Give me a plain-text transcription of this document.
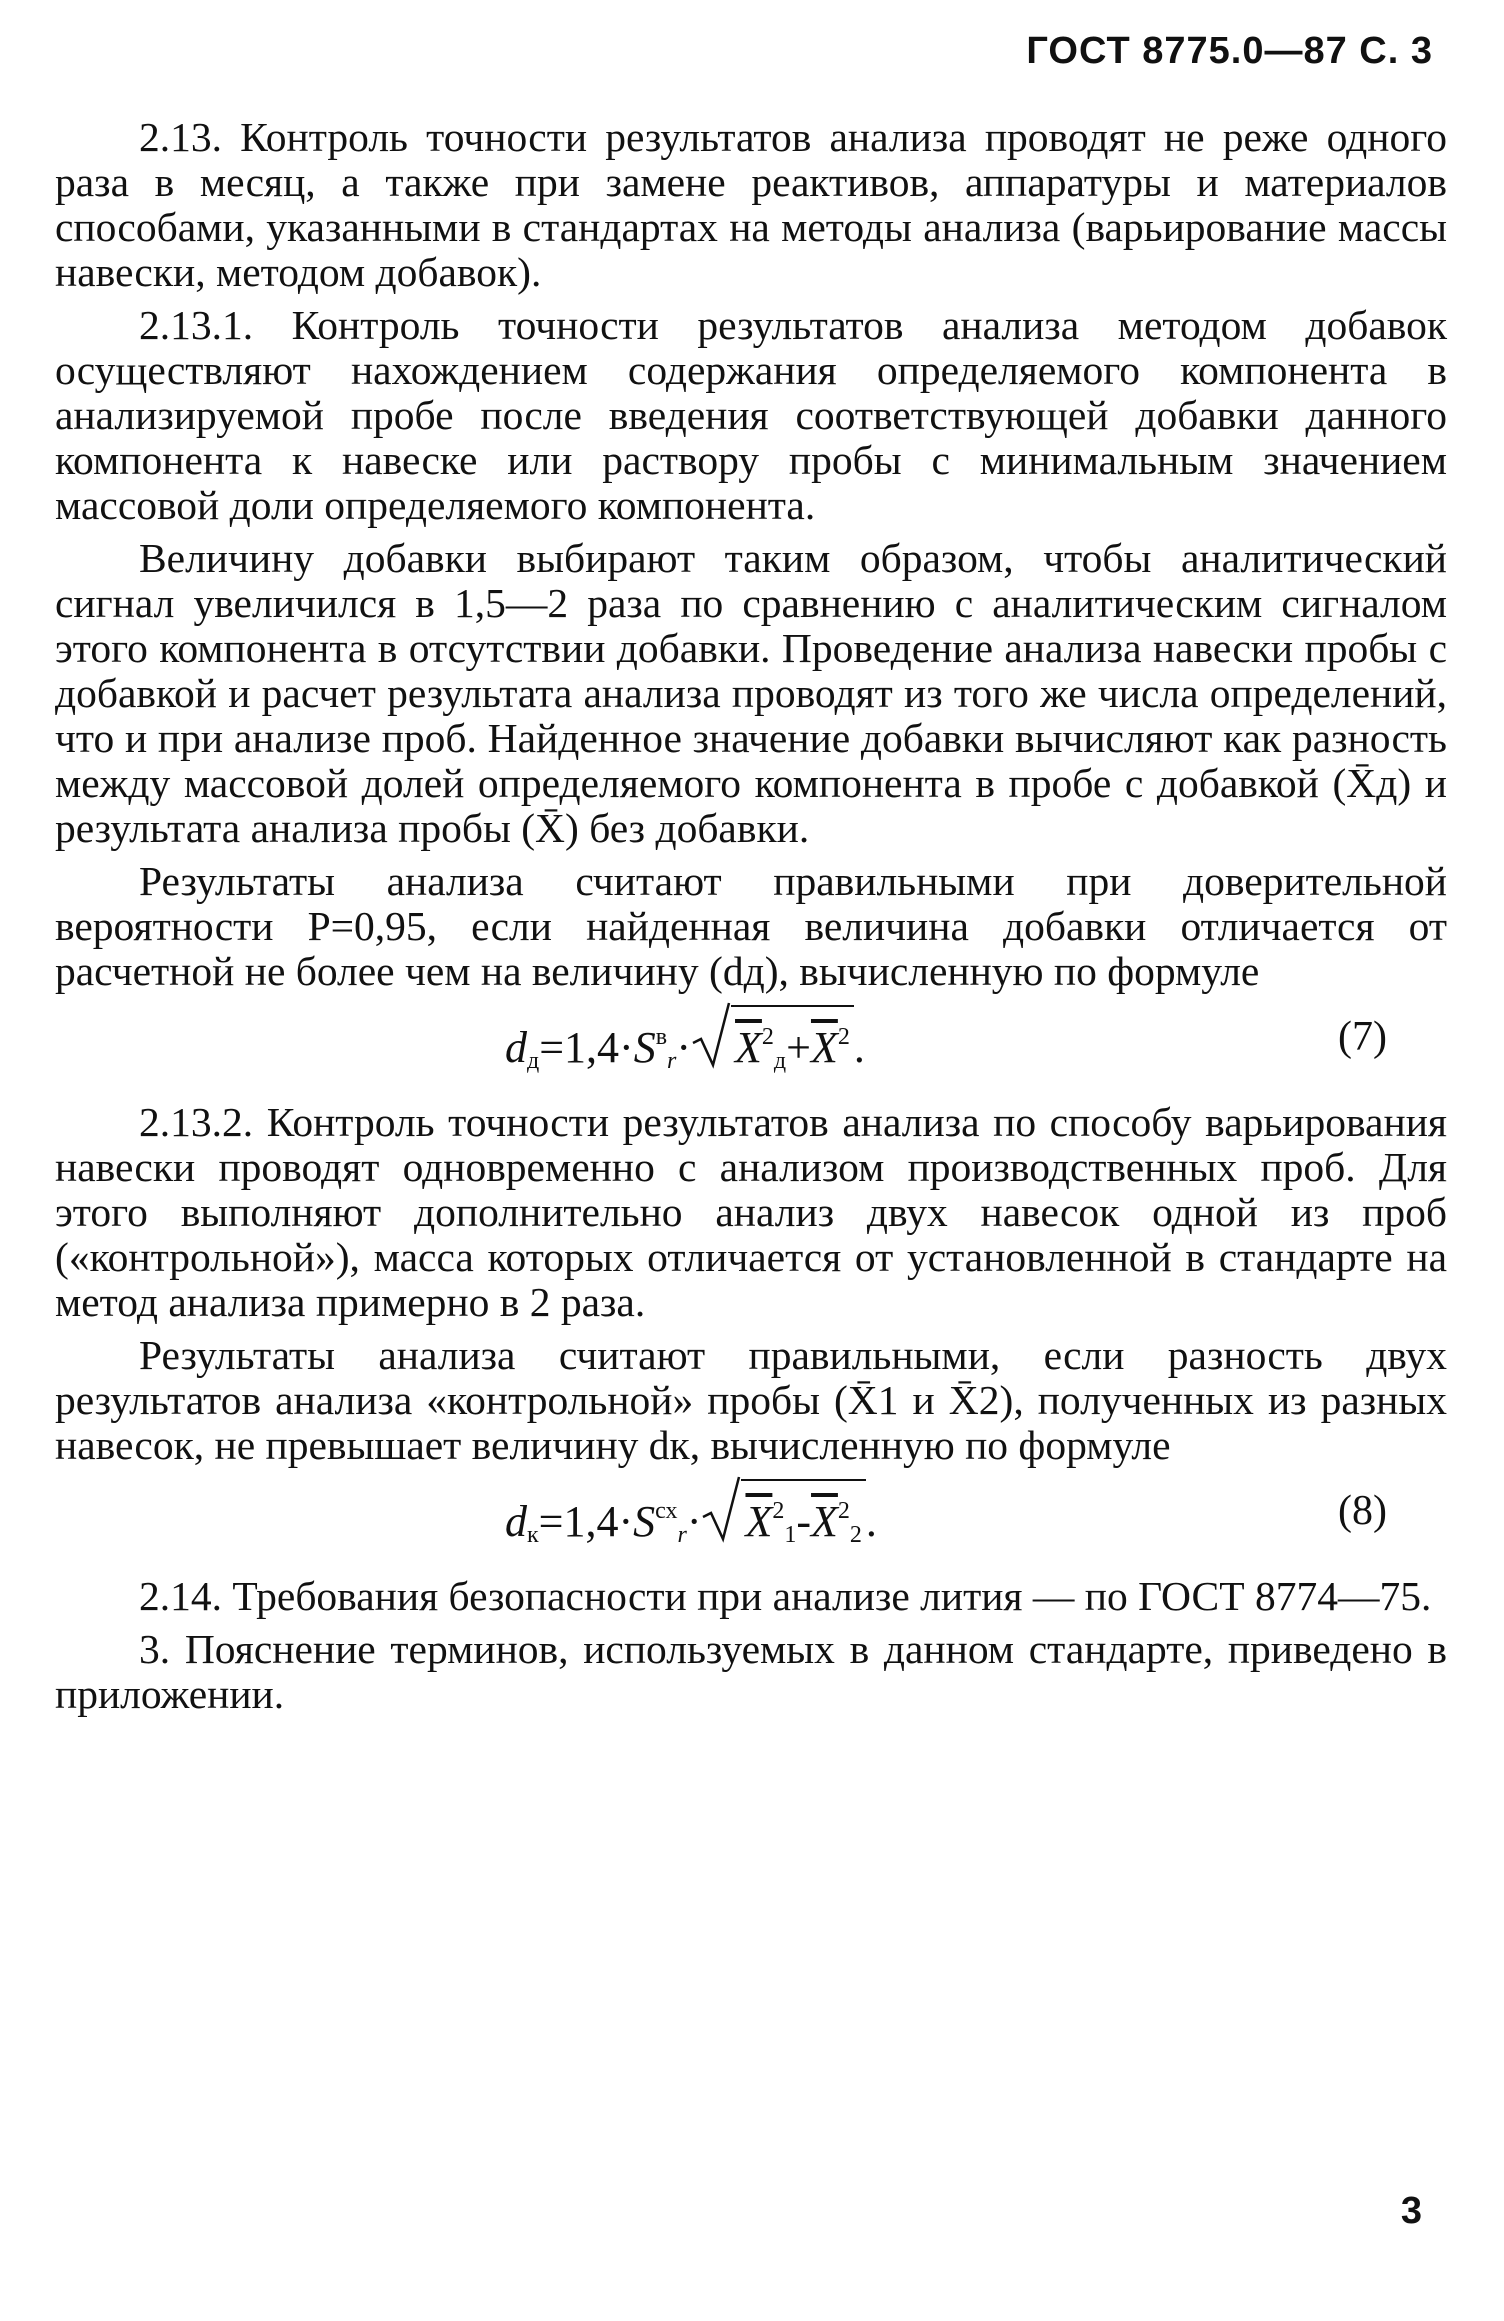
ГОСТ 8775.0—87 С. 3

2.13. Контроль точности результатов анализа проводят не реже одного раза в месяц, а также при замене реактивов, аппаратуры и материалов способами, указанными в стандартах на методы анализа (варьирование массы навески, методом добавок).

2.13.1. Контроль точности результатов анализа методом добавок осуществляют нахождением содержания определяемого компонента в анализируемой пробе после введения соответствующей добавки данного компонента к навеске или раствору пробы с минимальным значением массовой доли определяемого компонента.

Величину добавки выбирают таким образом, чтобы аналитический сигнал увеличился в 1,5—2 раза по сравнению с аналитическим сигналом этого компонента в отсутствии добавки. Проведение анализа навески пробы с добавкой и расчет результата анализа проводят из того же числа определений, что и при анализе проб. Найденное значение добавки вычисляют как разность между массовой долей определяемого компонента в пробе с добавкой (X̄д) и результата анализа пробы (X̄) без добавки.

Результаты анализа считают правильными при доверительной вероятности P=0,95, если найденная величина добавки отличается от расчетной не более чем на величину (dд), вычисленную по формуле

$d_д=1,4\cdot S^в_r\cdot \overline{X}^2_д+\overline{X}^2$.	(7)

2.13.2. Контроль точности результатов анализа по способу варьирования навески проводят одновременно с анализом производственных проб. Для этого выполняют дополнительно анализ двух навесок одной из проб («контрольной»), масса которых отличается от установленной в стандарте на метод анализа примерно в 2 раза.

Результаты анализа считают правильными, если разность двух результатов анализа «контрольной» пробы (X̄1 и X̄2), полученных из разных навесок, не превышает величину dк, вычисленную по формуле

$d_к=1,4\cdot S^{сх}_r\cdot \overline{X}^2_1-\overline{X}^2_2$.	(8)

2.14. Требования безопасности при анализе лития — по ГОСТ 8774—75.

3. Пояснение терминов, используемых в данном стандарте, приведено в приложении.

3
